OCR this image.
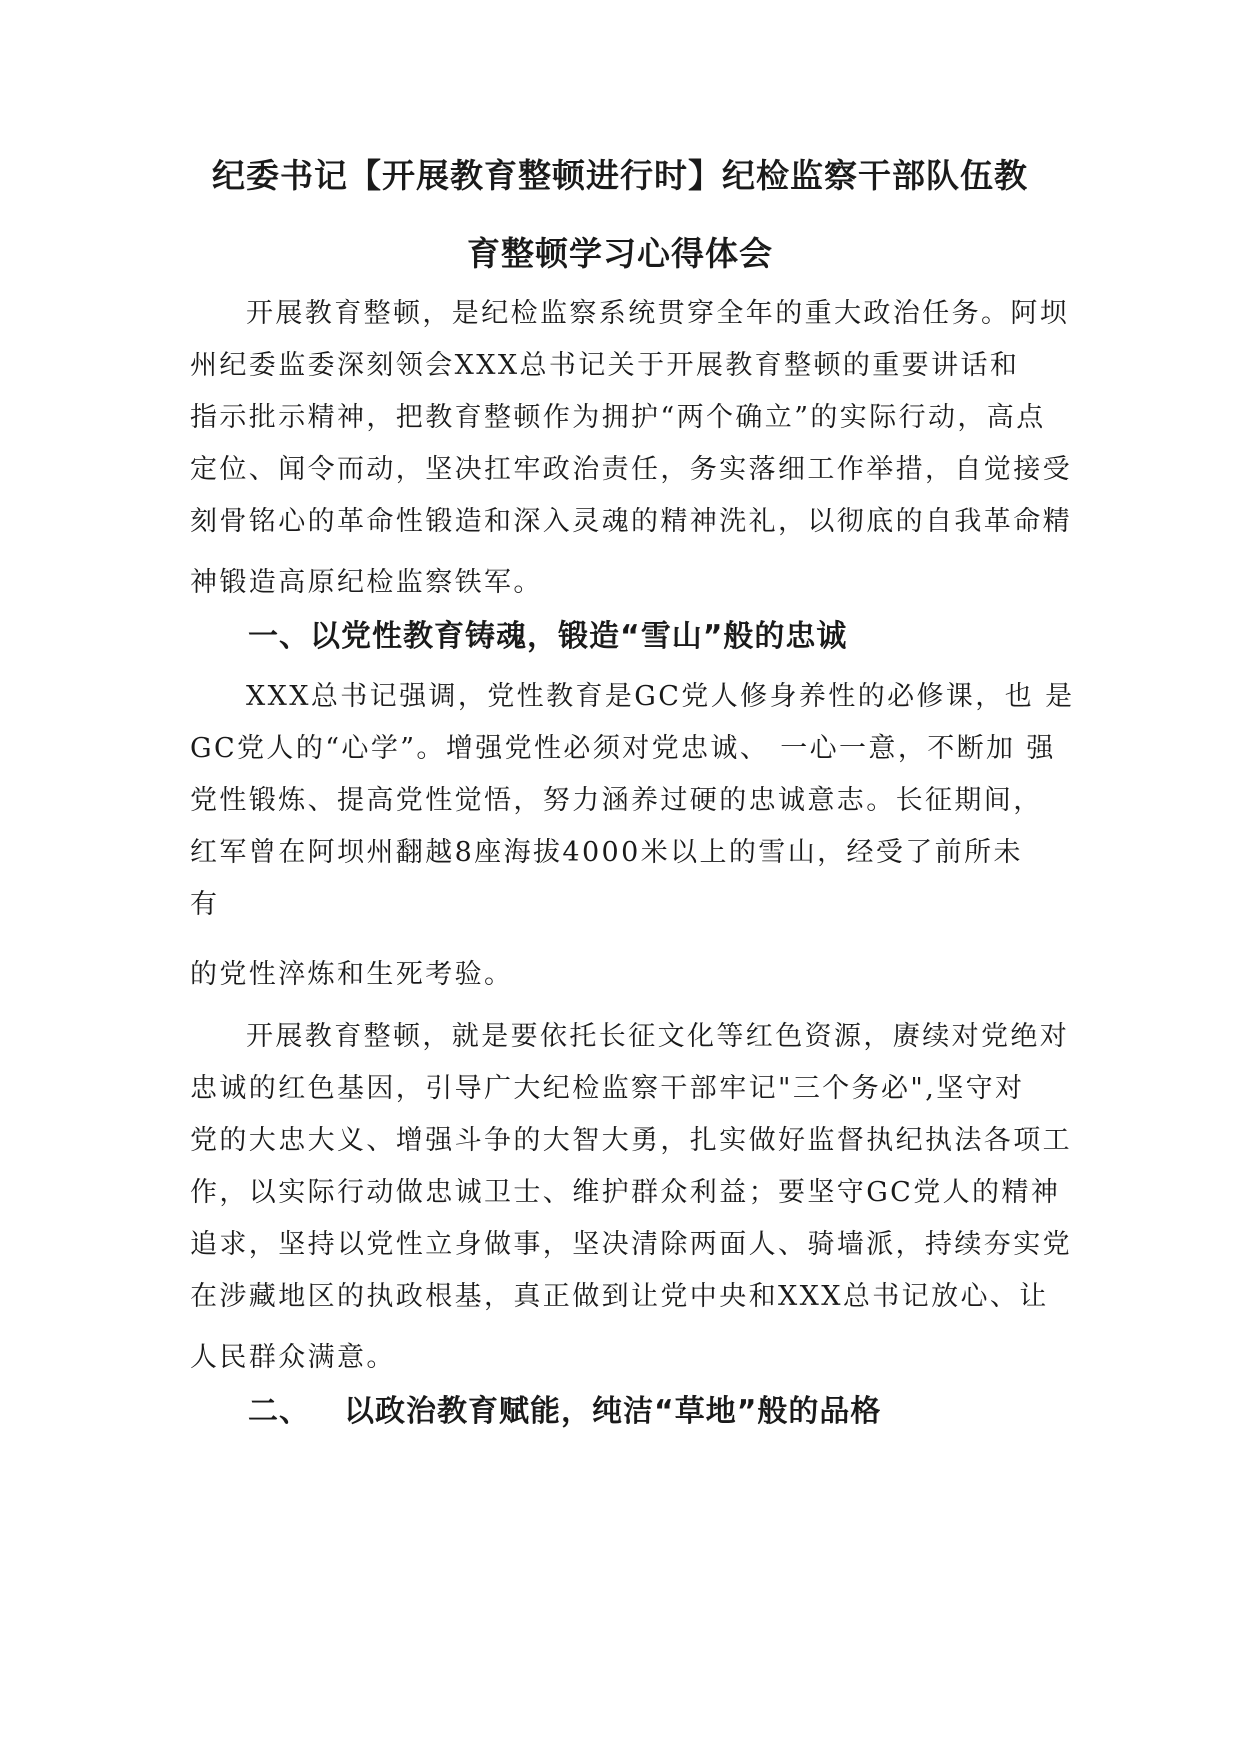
纪委书记【开展教育整顿进行时】纪检监察干部队伍教
育整顿学习心得体会
开展教育整顿，是纪检监察系统贯穿全年的重大政治任务。阿坝
州纪委监委深刻领会XXX总书记关于开展教育整顿的重要讲话和
指示批示精神，把教育整顿作为拥护“两个确立”的实际行动，高点
定位、闻令而动，坚决扛牢政治责任，务实落细工作举措，自觉接受
刻骨铭心的革命性锻造和深入灵魂的精神洗礼，以彻底的自我革命精
神锻造高原纪检监察铁军。
一、以党性教育铸魂，锻造“雪山”般的忠诚
XXX总书记强调，党性教育是GC党人修身养性的必修课，也 是
GC党人的“心学”。增强党性必须对党忠诚、 一心一意，不断加 强
党性锻炼、提高党性觉悟，努力涵养过硬的忠诚意志。长征期间，
红军曾在阿坝州翻越8座海拔4000米以上的雪山，经受了前所未
有
的党性淬炼和生死考验。
开展教育整顿，就是要依托长征文化等红色资源，赓续对党绝对
忠诚的红色基因，引导广大纪检监察干部牢记"三个务必",坚守对
党的大忠大义、增强斗争的大智大勇，扎实做好监督执纪执法各项工
作，以实际行动做忠诚卫士、维护群众利益；要坚守GC党人的精神
追求，坚持以党性立身做事，坚决清除两面人、骑墙派，持续夯实党
在涉藏地区的执政根基，真正做到让党中央和XXX总书记放心、让
人民群众满意。
二、 以政治教育赋能，纯洁“草地”般的品格
